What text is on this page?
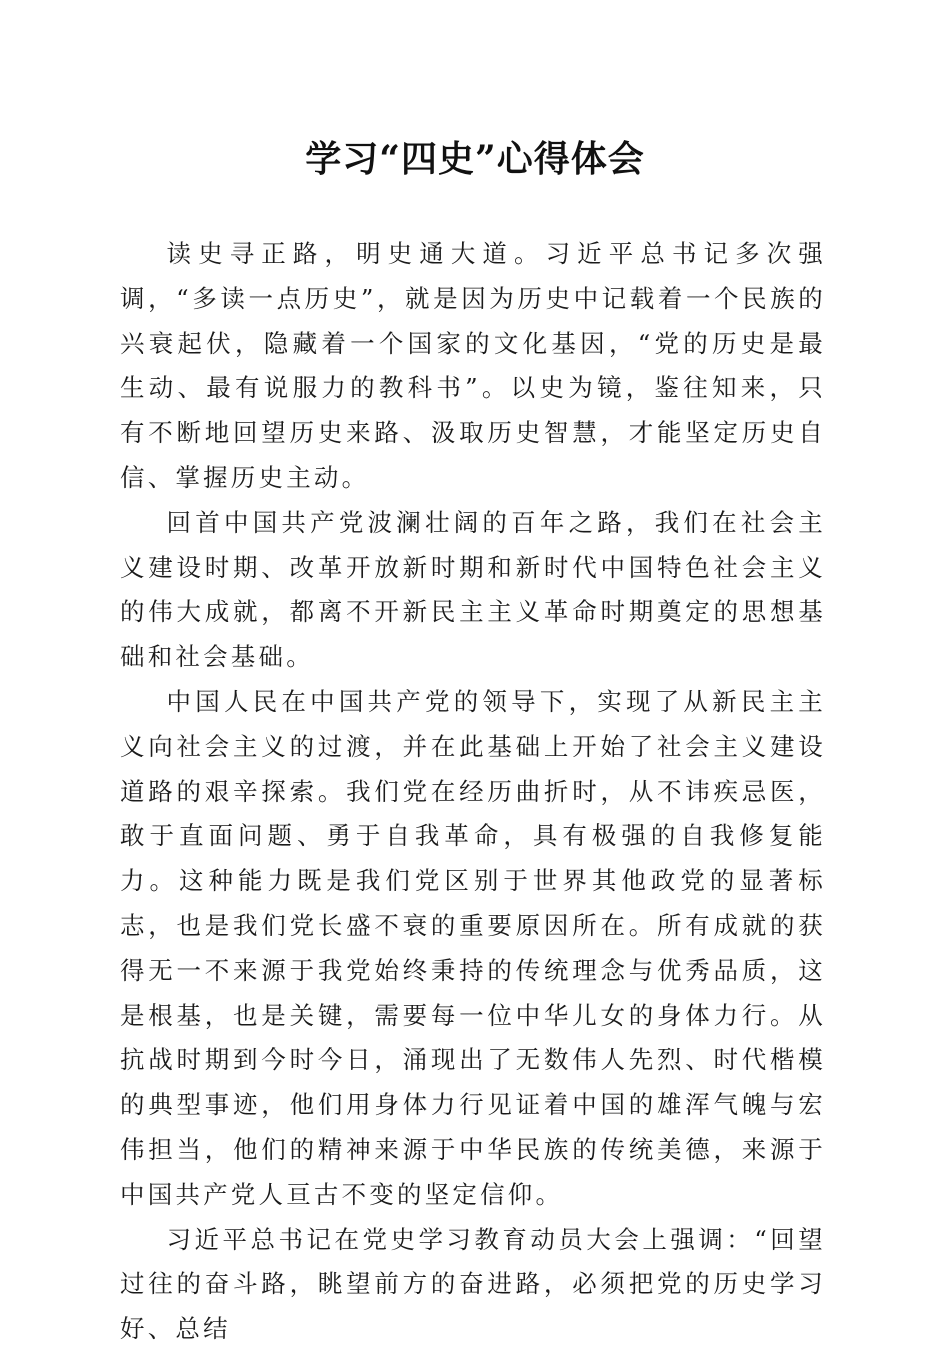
学习“四史”心得体会

读史寻正路，明史通大道。习近平总书记多次强调，“多读一点历史”，就是因为历史中记载着一个民族的兴衰起伏，隐藏着一个国家的文化基因，“党的历史是最生动、最有说服力的教科书”。以史为镜，鉴往知来，只有不断地回望历史来路、汲取历史智慧，才能坚定历史自信、掌握历史主动。

回首中国共产党波澜壮阔的百年之路，我们在社会主义建设时期、改革开放新时期和新时代中国特色社会主义的伟大成就，都离不开新民主主义革命时期奠定的思想基础和社会基础。

中国人民在中国共产党的领导下，实现了从新民主主义向社会主义的过渡，并在此基础上开始了社会主义建设道路的艰辛探索。我们党在经历曲折时，从不讳疾忌医，敢于直面问题、勇于自我革命，具有极强的自我修复能力。这种能力既是我们党区别于世界其他政党的显著标志，也是我们党长盛不衰的重要原因所在。所有成就的获得无一不来源于我党始终秉持的传统理念与优秀品质，这是根基，也是关键，需要每一位中华儿女的身体力行。从抗战时期到今时今日，涌现出了无数伟人先烈、时代楷模的典型事迹，他们用身体力行见证着中国的雄浑气魄与宏伟担当，他们的精神来源于中华民族的传统美德，来源于中国共产党人亘古不变的坚定信仰。

习近平总书记在党史学习教育动员大会上强调：“回望过往的奋斗路，眺望前方的奋进路，必须把党的历史学习好、总结
